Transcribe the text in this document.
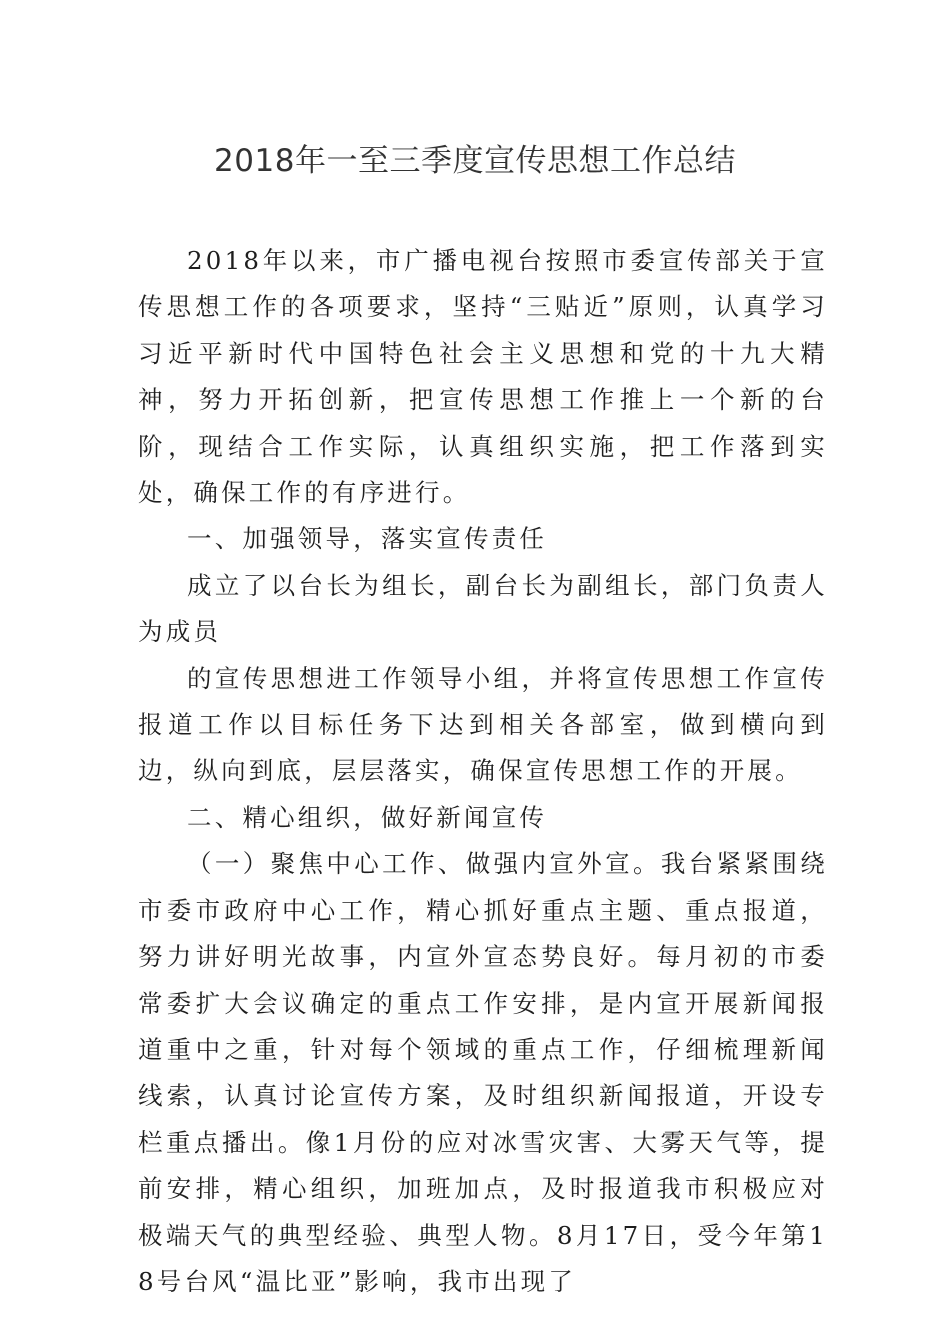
2018年一至三季度宣传思想工作总结

2018年以来，市广播电视台按照市委宣传部关于宣传思想工作的各项要求，坚持“三贴近”原则，认真学习习近平新时代中国特色社会主义思想和党的十九大精神，努力开拓创新，把宣传思想工作推上一个新的台阶，现结合工作实际，认真组织实施，把工作落到实处，确保工作的有序进行。

一、加强领导，落实宣传责任

成立了以台长为组长，副台长为副组长，部门负责人为成员

的宣传思想进工作领导小组，并将宣传思想工作宣传报道工作以目标任务下达到相关各部室，做到横向到边，纵向到底，层层落实，确保宣传思想工作的开展。

二、精心组织，做好新闻宣传

（一）聚焦中心工作、做强内宣外宣。我台紧紧围绕市委市政府中心工作，精心抓好重点主题、重点报道，努力讲好明光故事，内宣外宣态势良好。每月初的市委常委扩大会议确定的重点工作安排，是内宣开展新闻报道重中之重，针对每个领域的重点工作，仔细梳理新闻线索，认真讨论宣传方案，及时组织新闻报道，开设专栏重点播出。像1月份的应对冰雪灾害、大雾天气等，提前安排，精心组织，加班加点，及时报道我市积极应对极端天气的典型经验、典型人物。8月17日，受今年第18号台风“温比亚”影响，我市出现了
